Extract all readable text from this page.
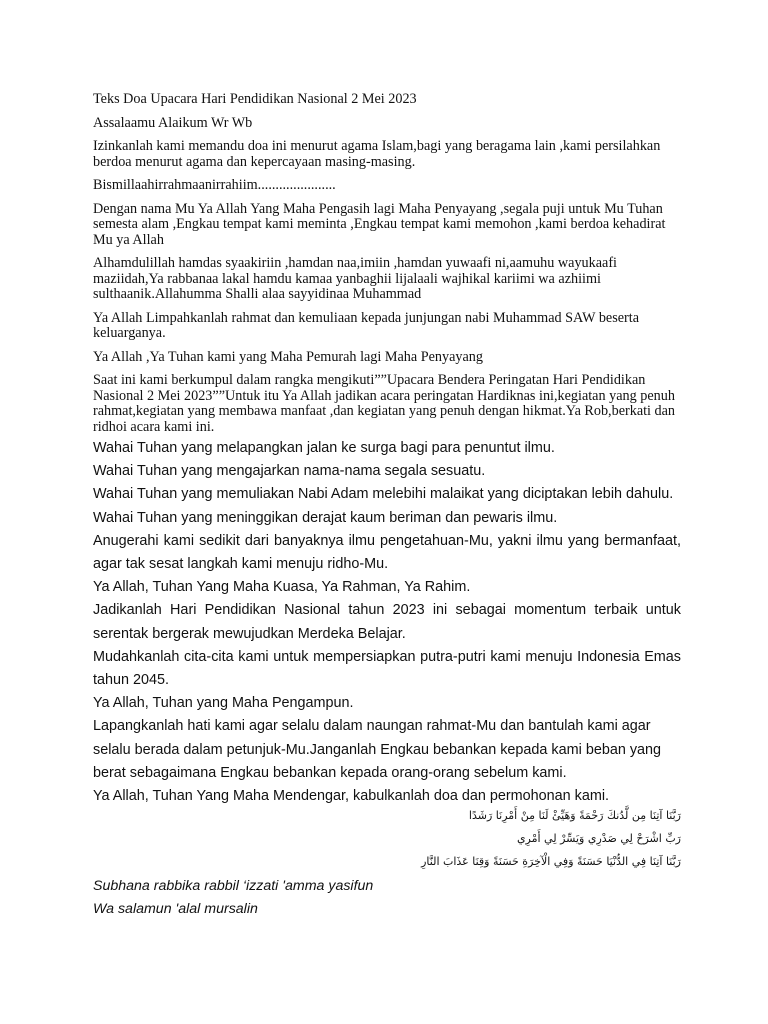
Teks Doa Upacara Hari Pendidikan Nasional 2 Mei 2023

Assalaamu Alaikum Wr Wb

Izinkanlah kami memandu doa ini menurut agama Islam,bagi yang beragama lain ,kami persilahkan berdoa menurut agama dan kepercayaan masing-masing.

Bismillaahirrahmaanirrahiim......................

Dengan nama Mu Ya Allah Yang Maha Pengasih lagi Maha Penyayang ,segala puji untuk Mu Tuhan semesta alam ,Engkau tempat kami meminta ,Engkau tempat kami memohon ,kami berdoa kehadirat Mu ya Allah

Alhamdulillah hamdas syaakiriin ,hamdan naa,imiin ,hamdan yuwaafi ni,aamuhu wayukaafi maziidah,Ya rabbanaa lakal hamdu kamaa yanbaghii lijalaali wajhikal kariimi wa azhiimi sulthaanik.Allahumma Shalli alaa sayyidinaa Muhammad

Ya Allah Limpahkanlah rahmat dan kemuliaan kepada junjungan nabi Muhammad SAW beserta keluarganya.

Ya Allah ,Ya Tuhan kami yang Maha Pemurah lagi Maha Penyayang

Saat ini kami berkumpul dalam rangka mengikuti””Upacara Bendera Peringatan Hari Pendidikan Nasional 2 Mei 2023””Untuk itu Ya Allah jadikan acara peringatan Hardiknas ini,kegiatan yang penuh rahmat,kegiatan yang membawa manfaat ,dan kegiatan yang penuh dengan hikmat.Ya Rob,berkati dan ridhoi acara kami ini.

Wahai Tuhan yang melapangkan jalan ke surga bagi para penuntut ilmu.

Wahai Tuhan yang mengajarkan nama-nama segala sesuatu.

Wahai Tuhan yang memuliakan Nabi Adam melebihi malaikat yang diciptakan lebih dahulu.

Wahai Tuhan yang meninggikan derajat kaum beriman dan pewaris ilmu.

Anugerahi kami sedikit dari banyaknya ilmu pengetahuan-Mu, yakni ilmu yang bermanfaat, agar tak sesat langkah kami menuju ridho-Mu.

Ya Allah, Tuhan Yang Maha Kuasa, Ya Rahman, Ya Rahim.

Jadikanlah Hari Pendidikan Nasional tahun 2023 ini sebagai momentum terbaik untuk serentak bergerak mewujudkan Merdeka Belajar.

Mudahkanlah cita-cita kami untuk mempersiapkan putra-putri kami menuju Indonesia Emas tahun 2045.

Ya Allah, Tuhan yang Maha Pengampun.

Lapangkanlah hati kami agar selalu dalam naungan rahmat-Mu dan bantulah kami agar selalu berada dalam petunjuk-Mu.Janganlah Engkau bebankan kepada kami beban yang berat sebagaimana Engkau bebankan kepada orang-orang sebelum kami.

Ya Allah, Tuhan Yang Maha Mendengar, kabulkanlah doa dan permohonan kami.

رَبَّنَا آتِنَا مِن لَّدُنكَ رَحْمَةً وَهَيِّئْ لَنَا مِنْ أَمْرِنَا رَشَدًا

رَبِّ اشْرَحْ لِي صَدْرِي وَيَسِّرْ لِي أَمْرِي

رَبَّنَا آتِنَا فِي الدُّنْيَا حَسَنَةً وَفِي الْآخِرَةِ حَسَنَةً وَقِنَا عَذَابَ النَّارِ

Subhana rabbika rabbil ‘izzati 'amma yasifun

Wa salamun 'alal mursalin
